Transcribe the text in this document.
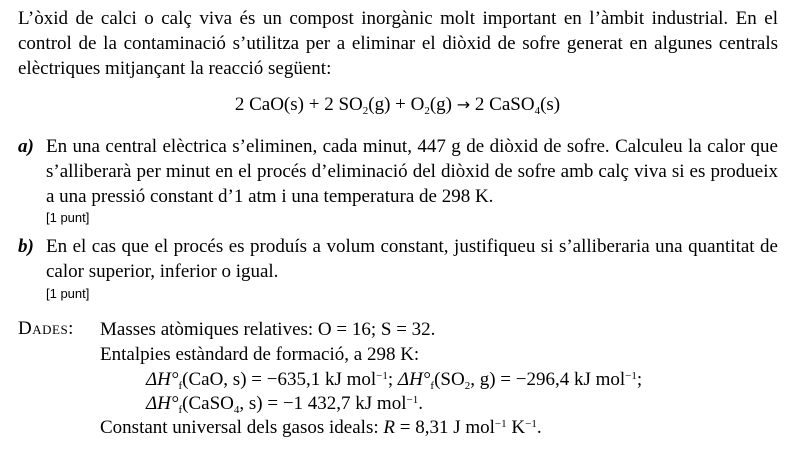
L’òxid de calci o calç viva és un compost inorgànic molt important en l’àmbit industrial. En el control de la contaminació s’utilitza per a eliminar el diòxid de sofre generat en algunes centrals elèctriques mitjançant la reacció següent:
2 CaO(s) + 2 $SO_2(g) + O_2(g) \to 2$ CaSO$_4$(s)
a) En una central elèctrica s’eliminen, cada minut, 447 g de diòxid de sofre. Calculeu la calor que s’alliberarà per minut en el procés d’eliminació del diòxid de sofre amb calç viva si es produeix a una pressió constant d’1 atm i una temperatura de 298 K.
[1 punt]
b) En el cas que el procés es produís a volum constant, justifiqueu si s’alliberaria una quantitat de calor superior, inferior o igual.
[1 punt]
Dades: Masses atòmiques relatives: O = 16; S = 32.
Entalpies estàndard de formació, a 298 K:
$\Delta H^\circ_f(CaO$, s) = −635,1 kJ mol$^{-1}$; $\Delta H^\circ_f(SO_2$, g) = −296,4 kJ mol$^{-1}$;
$\Delta H^\circ_f(CaSO_4$, s) = −1 432,7 kJ mol$^{-1}$.
Constant universal dels gasos ideals: R = 8,31 J mol$^{-1}$ $K^{-1}$.
